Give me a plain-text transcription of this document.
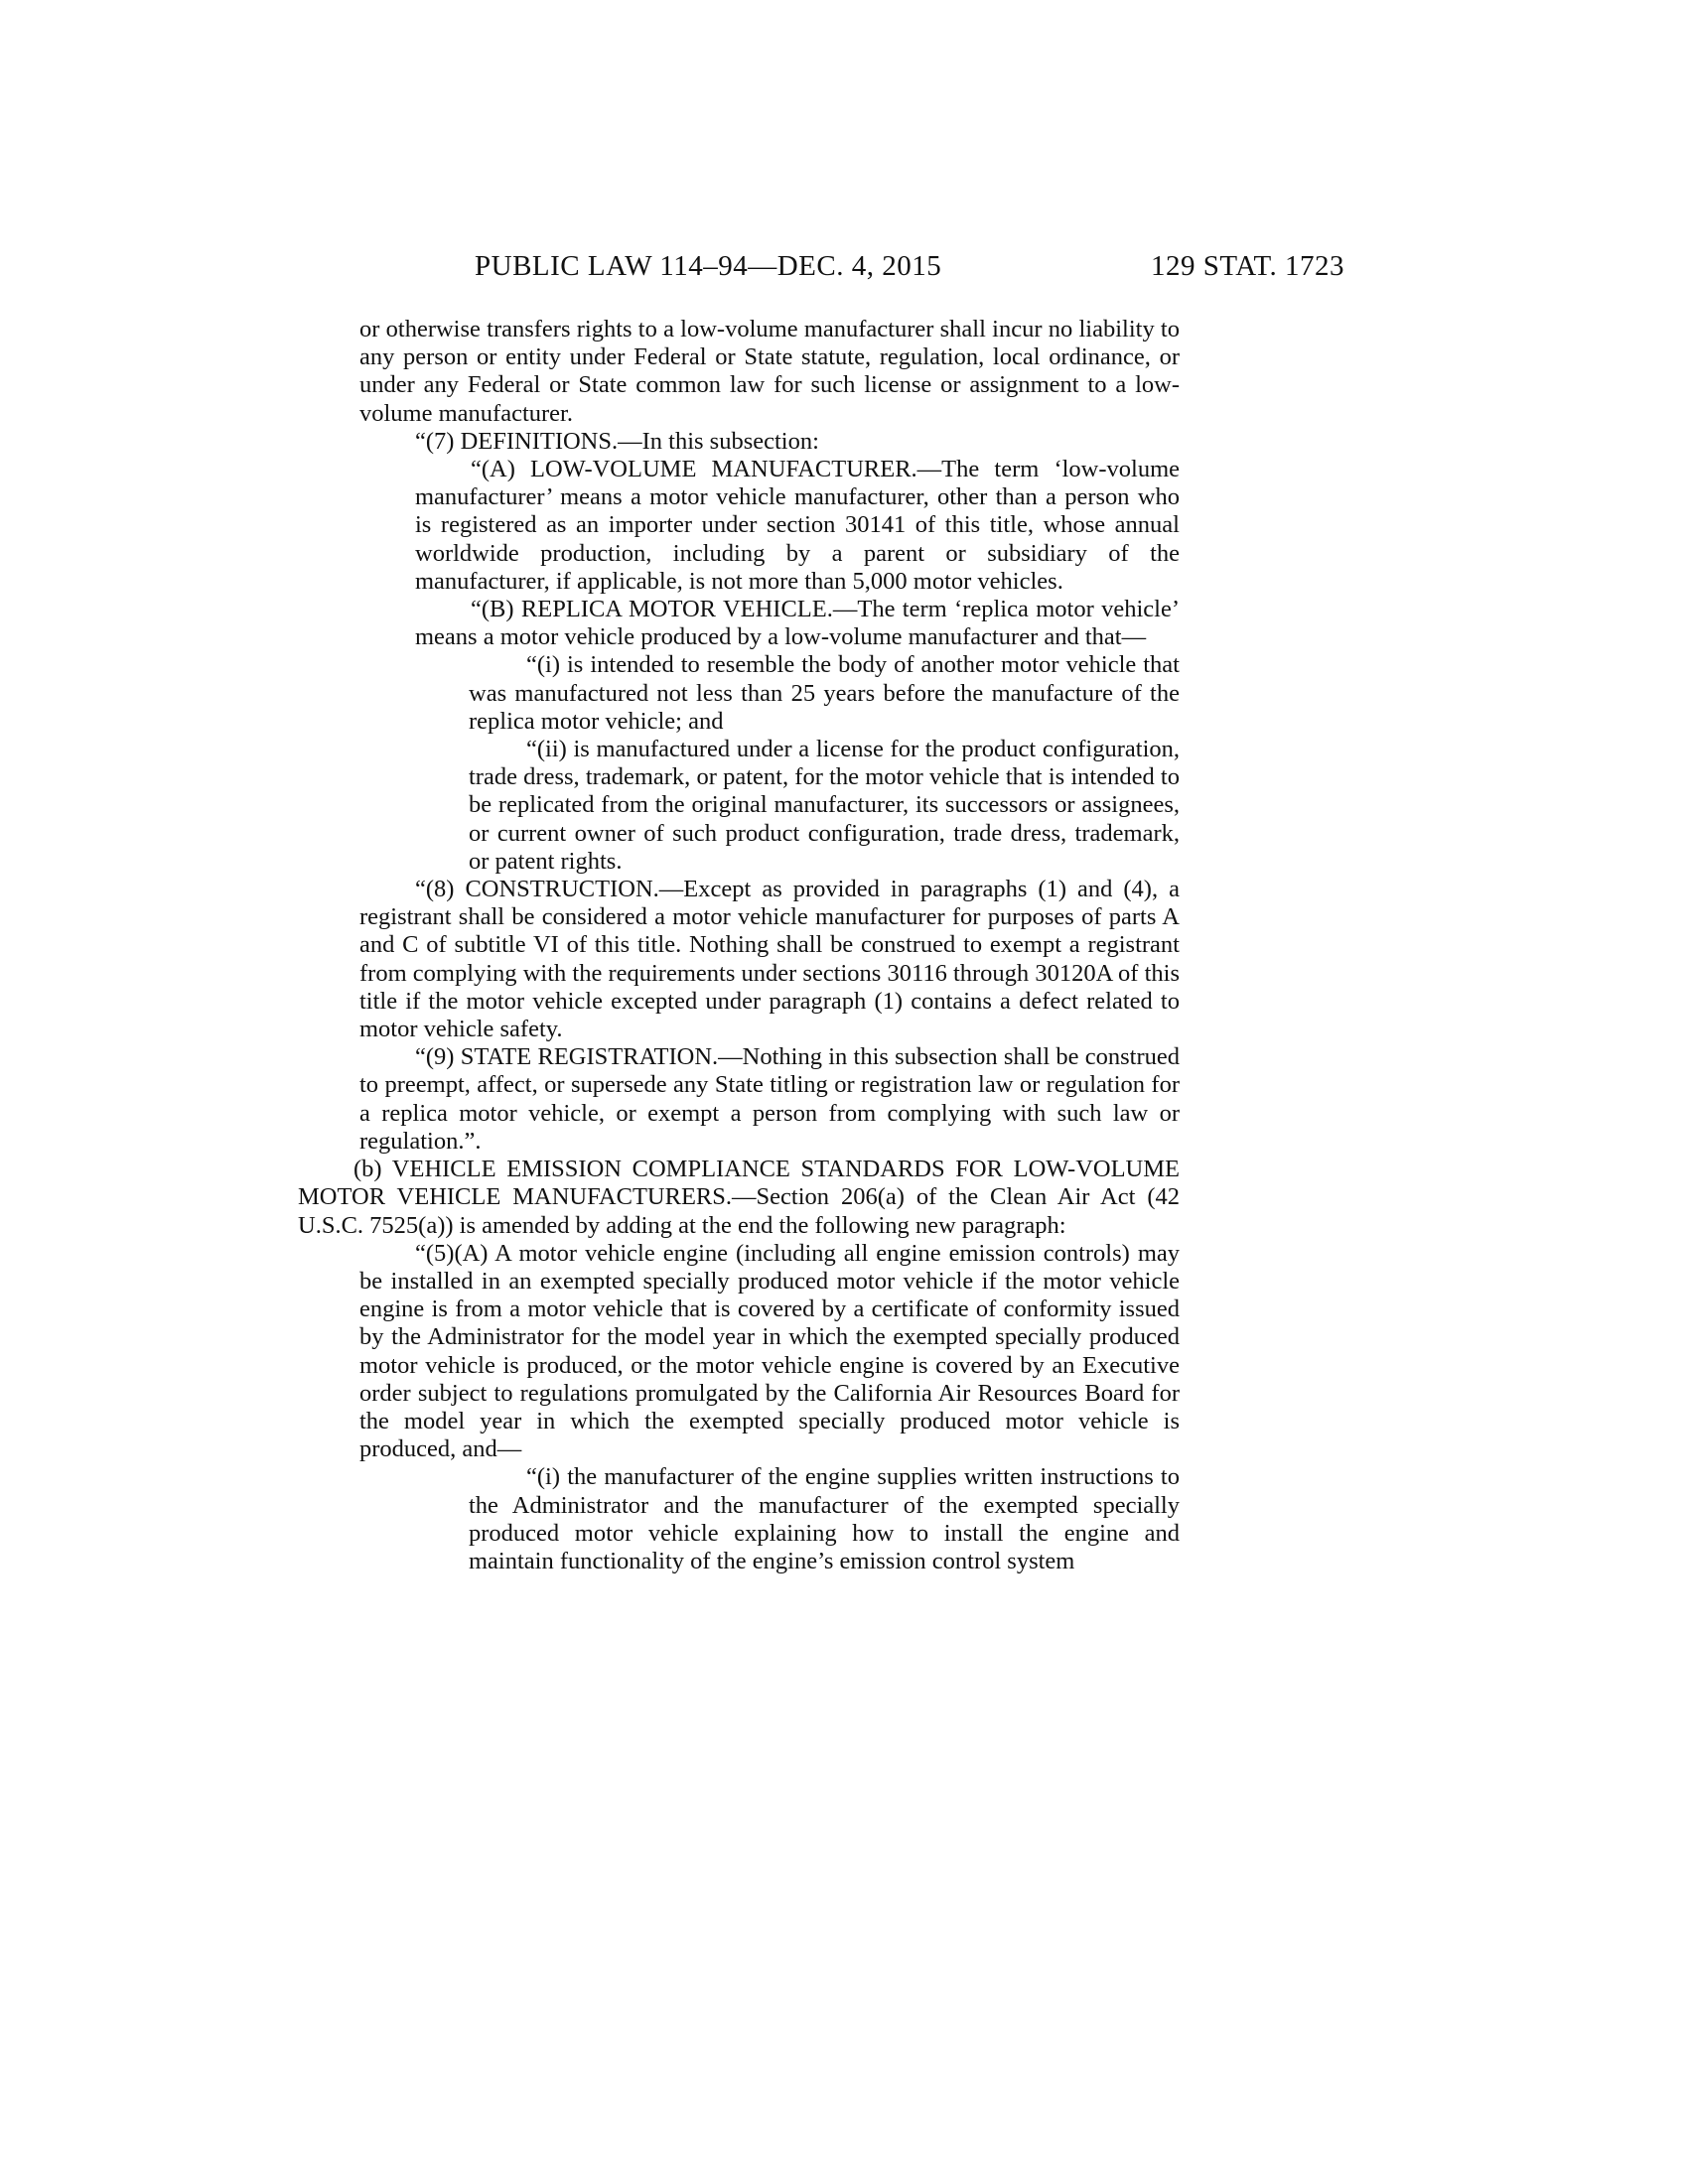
PUBLIC LAW 114–94—DEC. 4, 2015	129 STAT. 1723

or otherwise transfers rights to a low-volume manufacturer shall incur no liability to any person or entity under Federal or State statute, regulation, local ordinance, or under any Federal or State common law for such license or assignment to a low-volume manufacturer.

“(7) DEFINITIONS.—In this subsection:

“(A) LOW-VOLUME MANUFACTURER.—The term ‘low-volume manufacturer’ means a motor vehicle manufacturer, other than a person who is registered as an importer under section 30141 of this title, whose annual worldwide production, including by a parent or subsidiary of the manufacturer, if applicable, is not more than 5,000 motor vehicles.

“(B) REPLICA MOTOR VEHICLE.—The term ‘replica motor vehicle’ means a motor vehicle produced by a low-volume manufacturer and that—

“(i) is intended to resemble the body of another motor vehicle that was manufactured not less than 25 years before the manufacture of the replica motor vehicle; and

“(ii) is manufactured under a license for the product configuration, trade dress, trademark, or patent, for the motor vehicle that is intended to be replicated from the original manufacturer, its successors or assignees, or current owner of such product configuration, trade dress, trademark, or patent rights.

“(8) CONSTRUCTION.—Except as provided in paragraphs (1) and (4), a registrant shall be considered a motor vehicle manufacturer for purposes of parts A and C of subtitle VI of this title. Nothing shall be construed to exempt a registrant from complying with the requirements under sections 30116 through 30120A of this title if the motor vehicle excepted under paragraph (1) contains a defect related to motor vehicle safety.

“(9) STATE REGISTRATION.—Nothing in this subsection shall be construed to preempt, affect, or supersede any State titling or registration law or regulation for a replica motor vehicle, or exempt a person from complying with such law or regulation.”.

(b) VEHICLE EMISSION COMPLIANCE STANDARDS FOR LOW-VOLUME MOTOR VEHICLE MANUFACTURERS.—Section 206(a) of the Clean Air Act (42 U.S.C. 7525(a)) is amended by adding at the end the following new paragraph:

“(5)(A) A motor vehicle engine (including all engine emission controls) may be installed in an exempted specially produced motor vehicle if the motor vehicle engine is from a motor vehicle that is covered by a certificate of conformity issued by the Administrator for the model year in which the exempted specially produced motor vehicle is produced, or the motor vehicle engine is covered by an Executive order subject to regulations promulgated by the California Air Resources Board for the model year in which the exempted specially produced motor vehicle is produced, and—

“(i) the manufacturer of the engine supplies written instructions to the Administrator and the manufacturer of the exempted specially produced motor vehicle explaining how to install the engine and maintain functionality of the engine’s emission control system
